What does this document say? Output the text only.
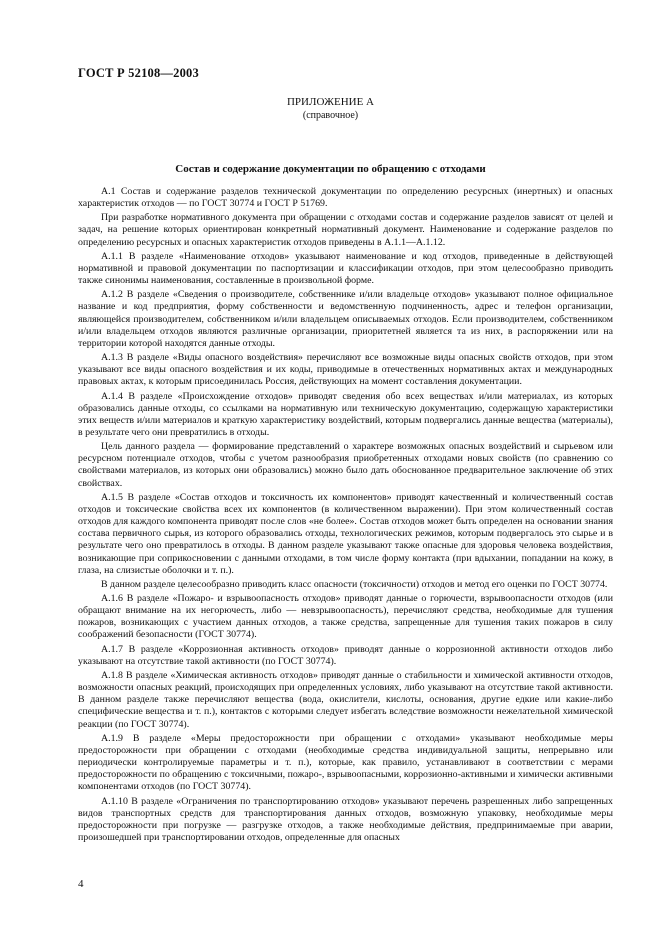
ГОСТ Р 52108—2003
ПРИЛОЖЕНИЕ А
(справочное)
Состав и содержание документации по обращению с отходами

А.1 Состав и содержание разделов технической документации по определению ресурсных (инертных) и опасных характеристик отходов — по ГОСТ 30774 и ГОСТ Р 51769.

При разработке нормативного документа при обращении с отходами состав и содержание разделов зависят от целей и задач, на решение которых ориентирован конкретный нормативный документ. Наименование и содержание разделов по определению ресурсных и опасных характеристик отходов приведены в А.1.1—А.1.12.

А.1.1 В разделе «Наименование отходов» указывают наименование и код отходов, приведенные в действующей нормативной и правовой документации по паспортизации и классификации отходов, при этом целесообразно приводить также синонимы наименования, составленные в произвольной форме.

А.1.2 В разделе «Сведения о производителе, собственнике и/или владельце отходов» указывают полное официальное название и код предприятия, форму собственности и ведомственную подчиненность, адрес и телефон организации, являющейся производителем, собственником и/или владельцем описываемых отходов. Если производителем, собственником и/или владельцем отходов являются различные организации, приоритетней является та из них, в распоряжении или на территории которой находятся данные отходы.

А.1.3 В разделе «Виды опасного воздействия» перечисляют все возможные виды опасных свойств отходов, при этом указывают все виды опасного воздействия и их коды, приводимые в отечественных нормативных актах и международных правовых актах, к которым присоединилась Россия, действующих на момент составления документации.

А.1.4 В разделе «Происхождение отходов» приводят сведения обо всех веществах и/или материалах, из которых образовались данные отходы, со ссылками на нормативную или техническую документацию, содержащую характеристики этих веществ и/или материалов и краткую характеристику воздействий, которым подвергались данные вещества (материалы), в результате чего они превратились в отходы.

Цель данного раздела — формирование представлений о характере возможных опасных воздействий и сырьевом или ресурсном потенциале отходов, чтобы с учетом разнообразия приобретенных отходами новых свойств (по сравнению со свойствами материалов, из которых они образовались) можно было дать обоснованное предварительное заключение об этих свойствах.

А.1.5 В разделе «Состав отходов и токсичность их компонентов» приводят качественный и количественный состав отходов и токсические свойства всех их компонентов (в количественном выражении). При этом количественный состав отходов для каждого компонента приводят после слов «не более». Состав отходов может быть определен на основании знания состава первичного сырья, из которого образовались отходы, технологических режимов, которым подвергалось это сырье и в результате чего оно превратилось в отходы. В данном разделе указывают также опасные для здоровья человека воздействия, возникающие при соприкосновении с данными отходами, в том числе форму контакта (при вдыхании, попадании на кожу, в глаза, на слизистые оболочки и т. п.).

В данном разделе целесообразно приводить класс опасности (токсичности) отходов и метод его оценки по ГОСТ 30774.

А.1.6 В разделе «Пожаро- и взрывоопасность отходов» приводят данные о горючести, взрывоопасности отходов (или обращают внимание на их негорючесть, либо — невзрывоопасность), перечисляют средства, необходимые для тушения пожаров, возникающих с участием данных отходов, а также средства, запрещенные для тушения таких пожаров в силу соображений безопасности (ГОСТ 30774).

А.1.7 В разделе «Коррозионная активность отходов» приводят данные о коррозионной активности отходов либо указывают на отсутствие такой активности (по ГОСТ 30774).

А.1.8 В разделе «Химическая активность отходов» приводят данные о стабильности и химической активности отходов, возможности опасных реакций, происходящих при определенных условиях, либо указывают на отсутствие такой активности. В данном разделе также перечисляют вещества (вода, окислители, кислоты, основания, другие едкие или какие-либо специфические вещества и т. п.), контактов с которыми следует избегать вследствие возможности нежелательной химической реакции (по ГОСТ 30774).

А.1.9 В разделе «Меры предосторожности при обращении с отходами» указывают необходимые меры предосторожности при обращении с отходами (необходимые средства индивидуальной защиты, непрерывно или периодически контролируемые параметры и т. п.), которые, как правило, устанавливают в соответствии с мерами предосторожности по обращению с токсичными, пожаро-, взрывоопасными, коррозионно-активными и химически активными компонентами отходов (по ГОСТ 30774).

А.1.10 В разделе «Ограничения по транспортированию отходов» указывают перечень разрешенных либо запрещенных видов транспортных средств для транспортирования данных отходов, возможную упаковку, необходимые меры предосторожности при погрузке — разгрузке отходов, а также необходимые действия, предпринимаемые при аварии, произошедшей при транспортировании отходов, определенные для опасных

4
